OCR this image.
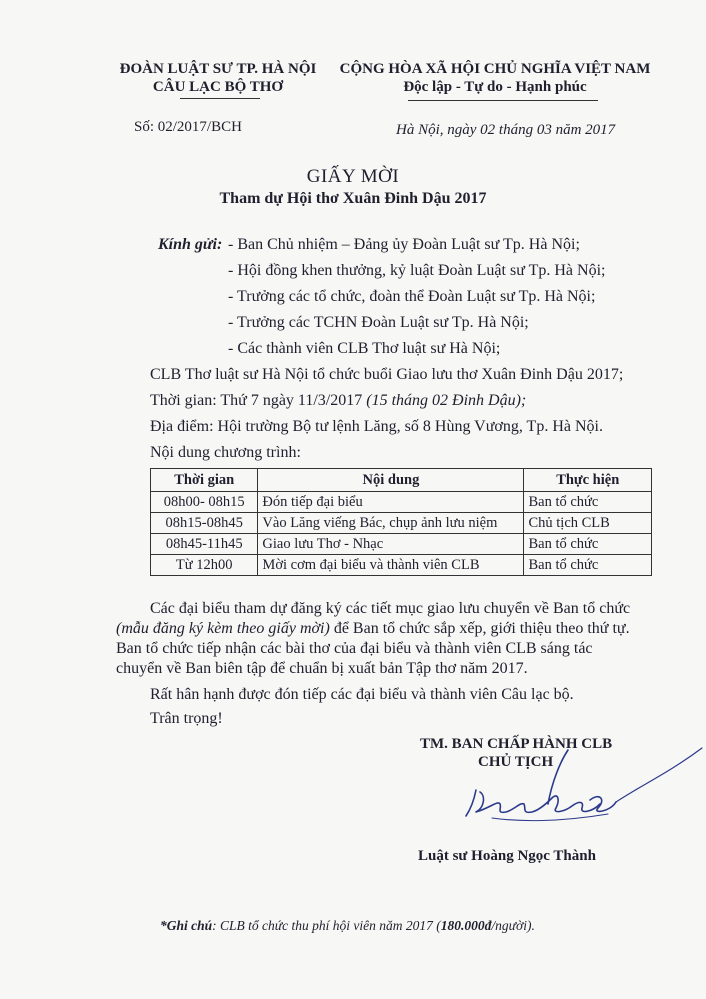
ĐOÀN LUẬT SƯ TP. HÀ NỘI
CÂU LẠC BỘ THƠ
CỘNG HÒA XÃ HỘI CHỦ NGHĨA VIỆT NAM
Độc lập - Tự do - Hạnh phúc
Số: 02/2017/BCH	Hà Nội, ngày 02 tháng 03 năm 2017
GIẤY MỜI
Tham dự Hội thơ Xuân Đinh Dậu 2017
Kính gửi: - Ban Chủ nhiệm – Đảng ủy Đoàn Luật sư Tp. Hà Nội;
- Hội đồng khen thưởng, kỷ luật Đoàn Luật sư Tp. Hà Nội;
- Trưởng các tổ chức, đoàn thể Đoàn Luật sư Tp. Hà Nội;
- Trưởng các TCHN Đoàn Luật sư Tp. Hà Nội;
- Các thành viên CLB Thơ luật sư Hà Nội;
CLB Thơ luật sư Hà Nội tổ chức buổi Giao lưu thơ Xuân Đinh Dậu 2017;
Thời gian: Thứ 7 ngày 11/3/2017 (15 tháng 02 Đinh Dậu);
Địa điểm: Hội trường Bộ tư lệnh Lăng, số 8 Hùng Vương, Tp. Hà Nội.
Nội dung chương trình:
Thời gian	Nội dung	Thực hiện
08h00- 08h15	Đón tiếp đại biểu	Ban tổ chức
08h15-08h45	Vào Lăng viếng Bác, chụp ảnh lưu niệm	Chủ tịch CLB
08h45-11h45	Giao lưu Thơ - Nhạc	Ban tổ chức
Từ 12h00	Mời cơm đại biểu và thành viên CLB	Ban tổ chức
Các đại biểu tham dự đăng ký các tiết mục giao lưu chuyển về Ban tổ chức
(mẫu đăng ký kèm theo giấy mời) để Ban tổ chức sắp xếp, giới thiệu theo thứ tự.
Ban tổ chức tiếp nhận các bài thơ của đại biểu và thành viên CLB sáng tác
chuyển về Ban biên tập để chuẩn bị xuất bản Tập thơ năm 2017.
Rất hân hạnh được đón tiếp các đại biểu và thành viên Câu lạc bộ.
Trân trọng!
TM. BAN CHẤP HÀNH CLB
CHỦ TỊCH
Luật sư Hoàng Ngọc Thành
*Ghi chú: CLB tổ chức thu phí hội viên năm 2017 (180.000đ/người).
